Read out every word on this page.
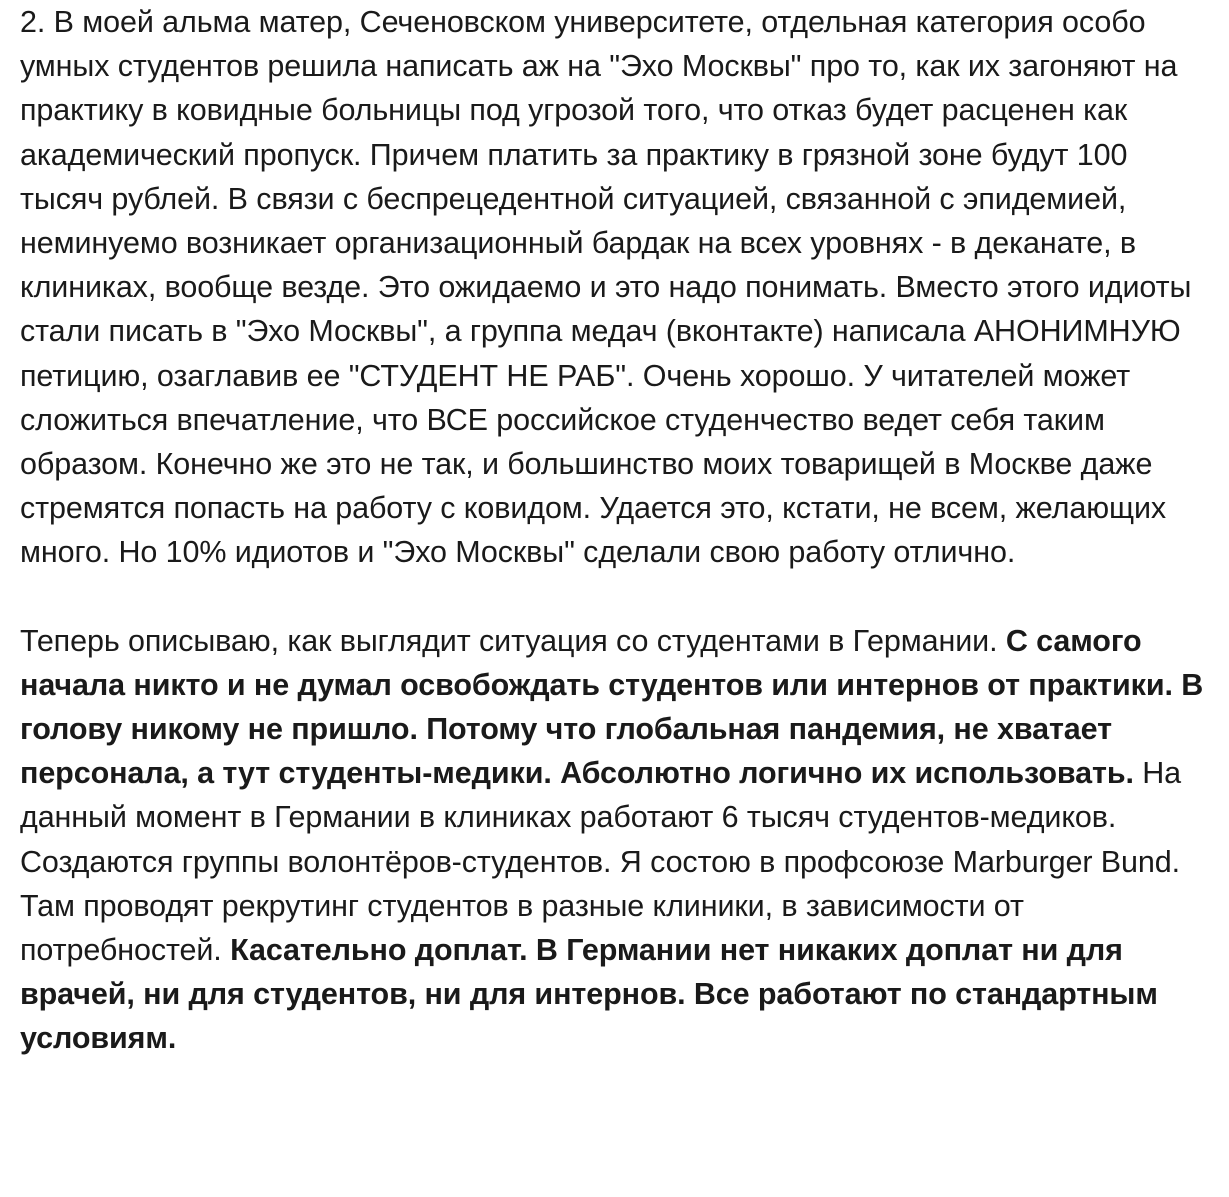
2. В моей альма матер, Сеченовском университете, отдельная категория особо умных студентов решила написать аж на "Эхо Москвы" про то, как их загоняют на практику в ковидные больницы под угрозой того, что отказ будет расценен как академический пропуск. Причем платить за практику в грязной зоне будут 100 тысяч рублей. В связи с беспрецедентной ситуацией, связанной с эпидемией, неминуемо возникает организационный бардак на всех уровнях - в деканате, в клиниках, вообще везде. Это ожидаемо и это надо понимать. Вместо этого идиоты стали писать в "Эхо Москвы", а группа медач (вконтакте) написала АНОНИМНУЮ петицию, озаглавив ее "СТУДЕНТ НЕ РАБ". Очень хорошо. У читателей может сложиться впечатление, что ВСЕ российское студенчество ведет себя таким образом. Конечно же это не так, и большинство моих товарищей в Москве даже стремятся попасть на работу с ковидом. Удается это, кстати, не всем, желающих много. Но 10% идиотов и "Эхо Москвы" сделали свою работу отлично.

Теперь описываю, как выглядит ситуация со студентами в Германии. С самого начала никто и не думал освобождать студентов или интернов от практики. В голову никому не пришло. Потому что глобальная пандемия, не хватает персонала, а тут студенты-медики. Абсолютно логично их использовать. На данный момент в Германии в клиниках работают 6 тысяч студентов-медиков. Создаются группы волонтёров-студентов. Я состою в профсоюзе Marburger Bund. Там проводят рекрутинг студентов в разные клиники, в зависимости от потребностей. Касательно доплат. В Германии нет никаких доплат ни для врачей, ни для студентов, ни для интернов. Все работают по стандартным условиям.
